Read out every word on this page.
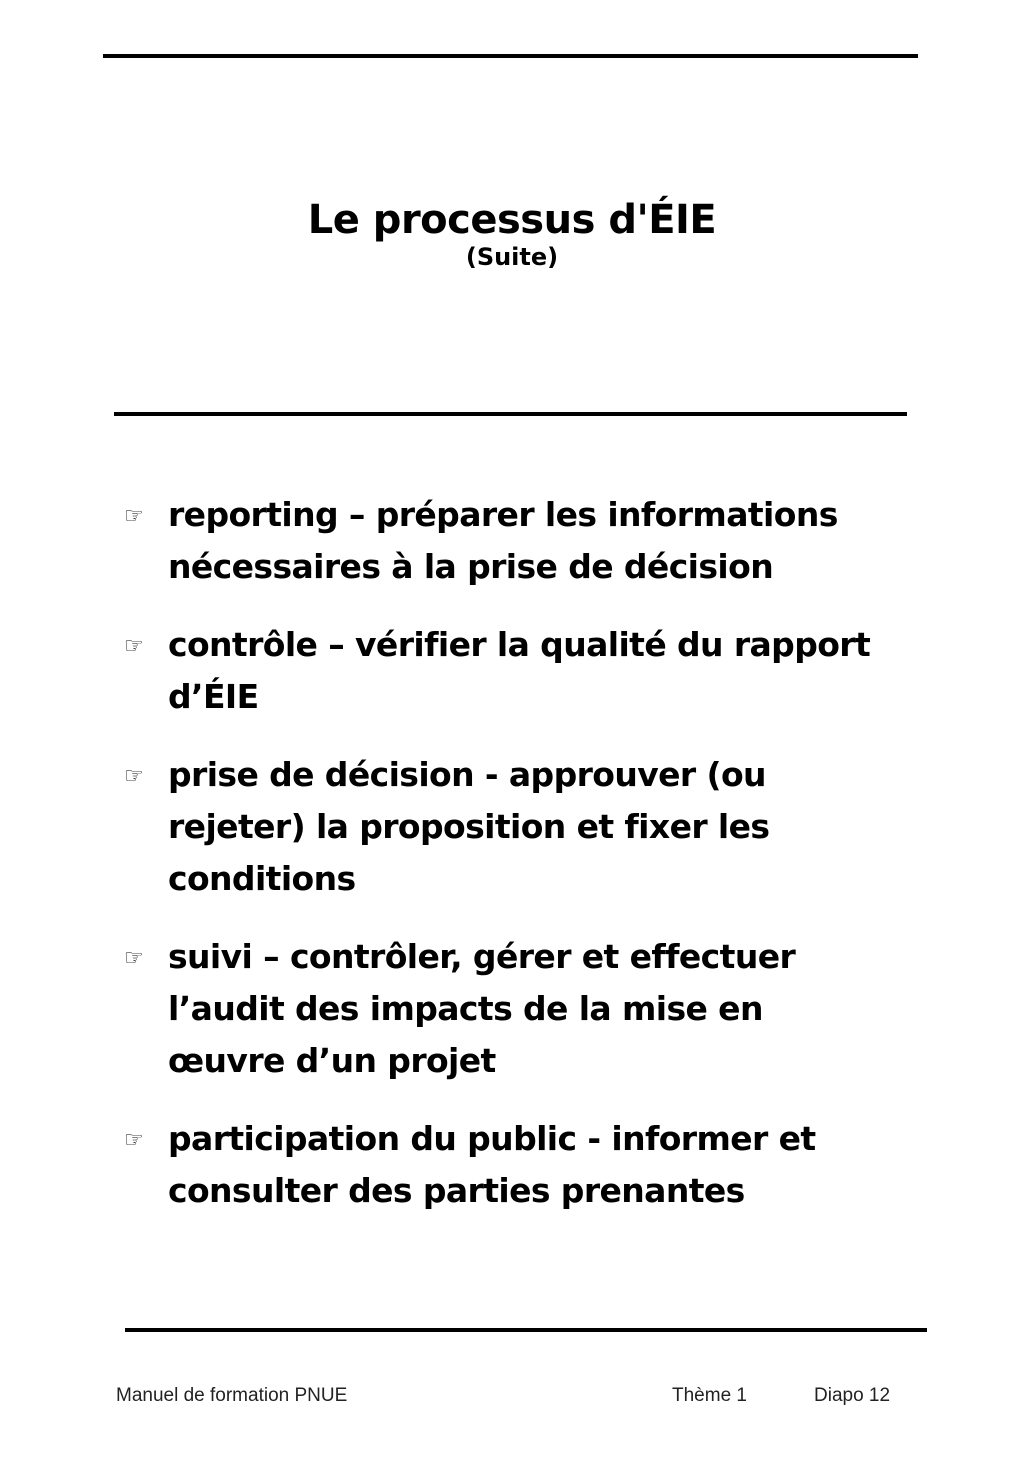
Le processus d'ÉIE
(Suite)
☞ reporting – préparer les informations nécessaires à la prise de décision
☞ contrôle – vérifier la qualité du rapport d’ÉIE
☞ prise de décision - approuver (ou rejeter) la proposition et fixer les conditions
☞ suivi – contrôler, gérer et effectuer l’audit des impacts de la mise en œuvre d’un projet
☞ participation du public - informer et consulter des parties prenantes
Manuel de formation PNUE	Thème 1	Diapo 12
